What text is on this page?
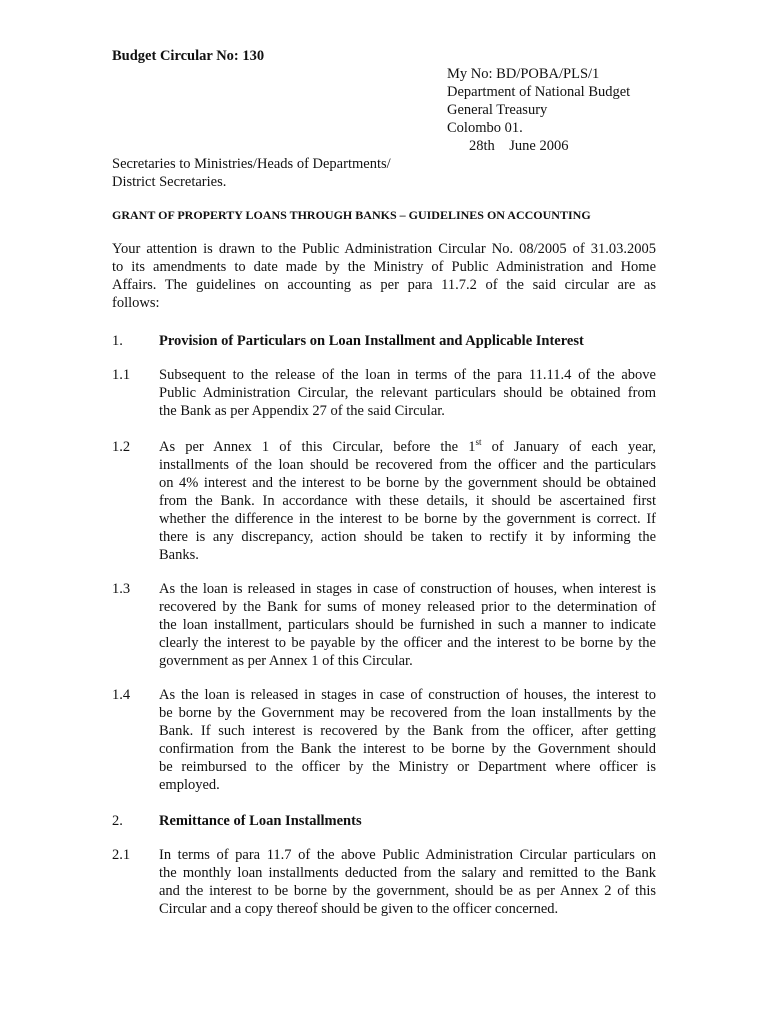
Budget Circular No: 130
My No: BD/POBA/PLS/1
Department of National Budget
General Treasury
Colombo 01.
28th    June 2006
Secretaries to Ministries/Heads of Departments/
District Secretaries.
GRANT OF PROPERTY LOANS THROUGH BANKS – GUIDELINES ON ACCOUNTING
Your attention is drawn to the Public Administration Circular No. 08/2005 of 31.03.2005
to its amendments to date made by the Ministry of Public Administration and Home
Affairs. The guidelines on accounting as per para 11.7.2 of the said circular are as
follows:
1. Provision of Particulars on Loan Installment and Applicable Interest
1.1 Subsequent to the release of the loan in terms of the para 11.11.4 of the above
Public Administration Circular, the relevant particulars should be obtained from
the Bank as per Appendix 27 of the said Circular.
1.2 As per Annex 1 of this Circular, before the 1st of January of each year,
installments of the loan should be recovered from the officer and the particulars
on 4% interest and the interest to be borne by the government should be obtained
from the Bank. In accordance with these details, it should be ascertained first
whether the difference in the interest to be borne by the government is correct. If
there is any discrepancy, action should be taken to rectify it by informing the
Banks.
1.3 As the loan is released in stages in case of construction of houses, when interest is
recovered by the Bank for sums of money released prior to the determination of
the loan installment, particulars should be furnished in such a manner to indicate
clearly the interest to be payable by the officer and the interest to be borne by the
government as per Annex 1 of this Circular.
1.4 As the loan is released in stages in case of construction of houses, the interest to
be borne by the Government may be recovered from the loan installments by the
Bank. If such interest is recovered by the Bank from the officer, after getting
confirmation from the Bank the interest to be borne by the Government should
be reimbursed to the officer by the Ministry or Department where officer is
employed.
2. Remittance of Loan Installments
2.1 In terms of para 11.7 of the above Public Administration Circular particulars on
the monthly loan installments deducted from the salary and remitted to the Bank
and the interest to be borne by the government, should be as per Annex 2 of this
Circular and a copy thereof should be given to the officer concerned.
